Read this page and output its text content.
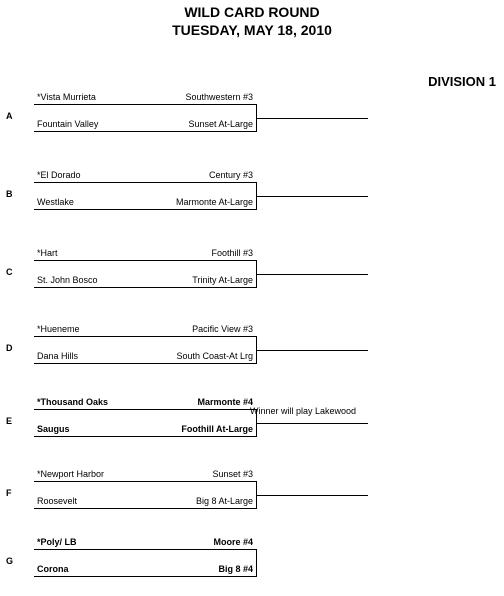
WILD CARD ROUND
TUESDAY, MAY 18, 2010
DIVISION 1
A
*Vista Murrieta	Southwestern #3
Fountain Valley	Sunset At-Large
B
*El Dorado	Century #3
Westlake	Marmonte At-Large
C
*Hart	Foothill #3
St. John Bosco	Trinity At-Large
D
*Hueneme	Pacific View #3
Dana Hills	South Coast-At Lrg
E
*Thousand Oaks	Marmonte #4
Saugus	Foothill At-Large
Winner will play Lakewood
F
*Newport Harbor	Sunset #3
Roosevelt	Big 8 At-Large
G
*Poly/ LB	Moore #4
Corona	Big 8 #4
